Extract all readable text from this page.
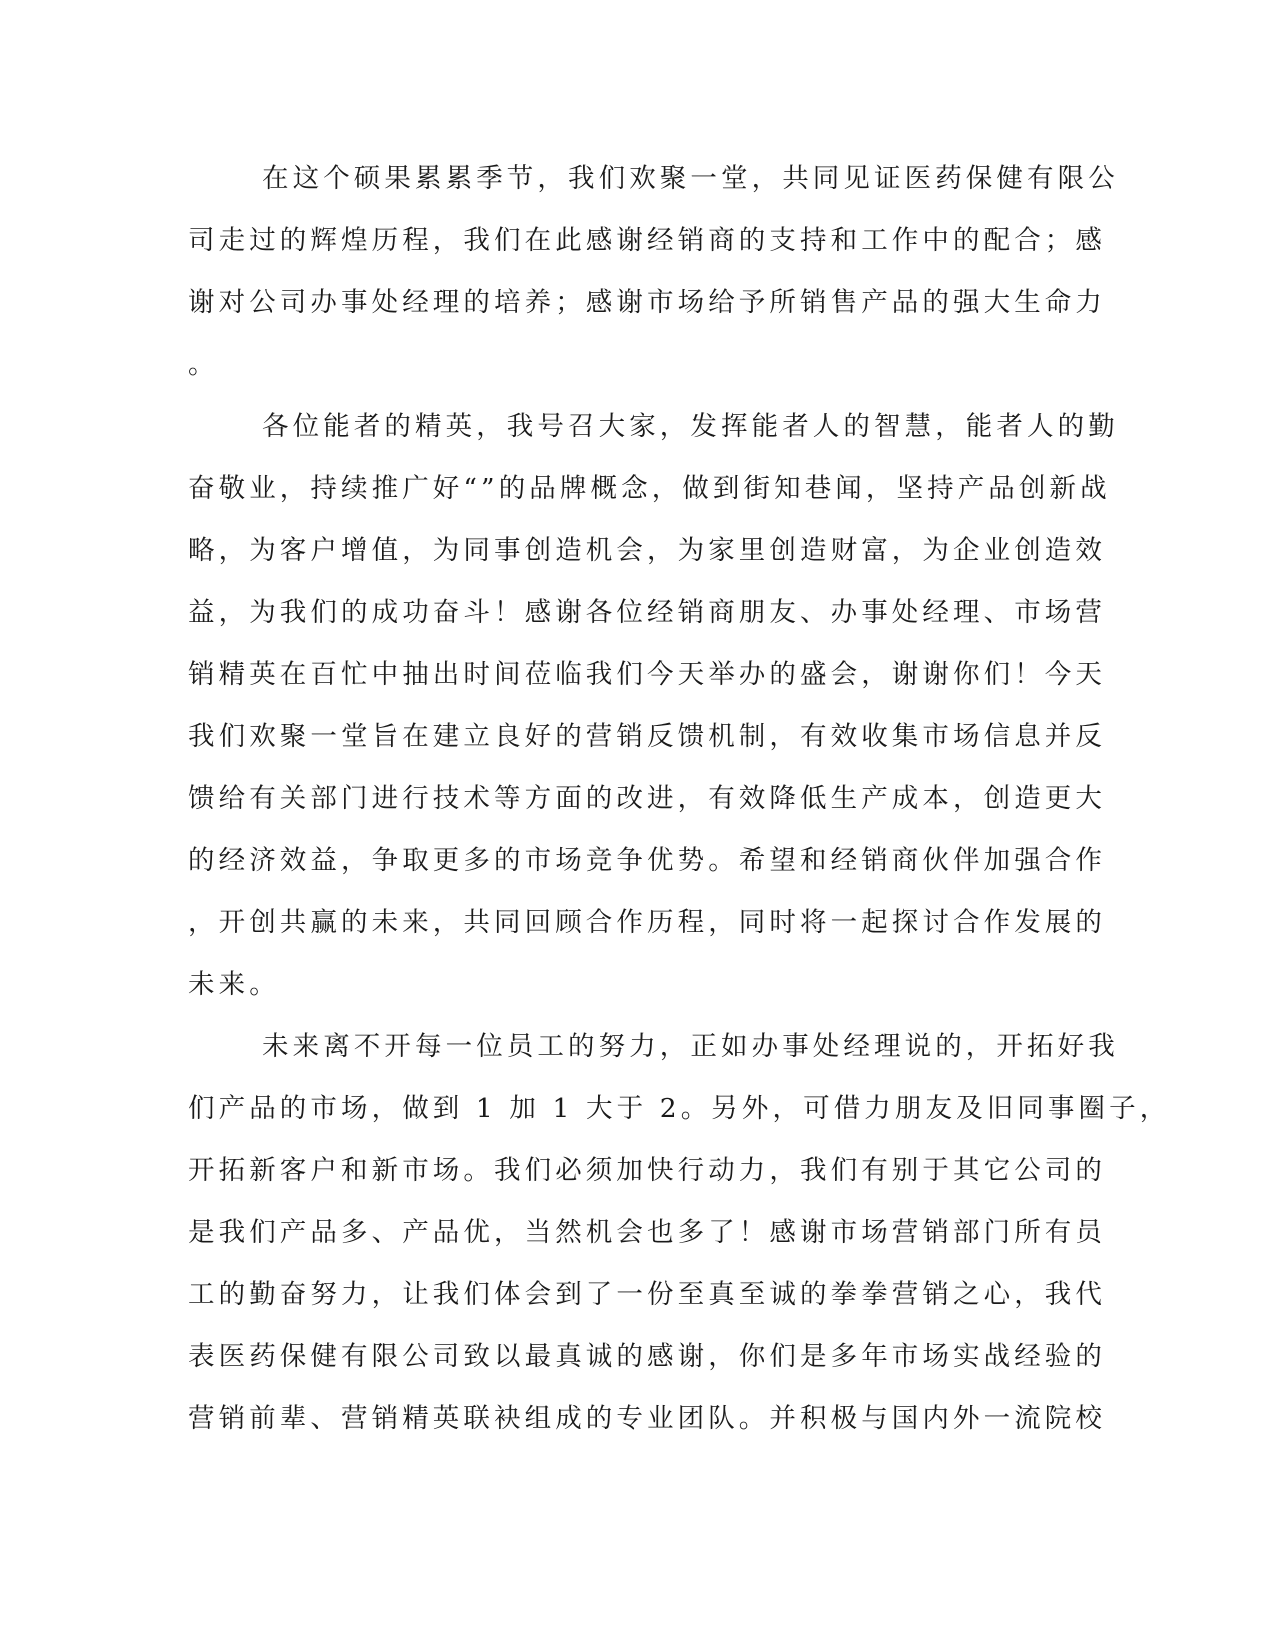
在这个硕果累累季节，我们欢聚一堂，共同见证医药保健有限公
司走过的辉煌历程，我们在此感谢经销商的支持和工作中的配合；感
谢对公司办事处经理的培养；感谢市场给予所销售产品的强大生命力
。
各位能者的精英，我号召大家，发挥能者人的智慧，能者人的勤
奋敬业，持续推广好“”的品牌概念，做到街知巷闻，坚持产品创新战
略，为客户增值，为同事创造机会，为家里创造财富，为企业创造效
益，为我们的成功奋斗！感谢各位经销商朋友、办事处经理、市场营
销精英在百忙中抽出时间莅临我们今天举办的盛会，谢谢你们！今天
我们欢聚一堂旨在建立良好的营销反馈机制，有效收集市场信息并反
馈给有关部门进行技术等方面的改进，有效降低生产成本，创造更大
的经济效益，争取更多的市场竞争优势。希望和经销商伙伴加强合作
，开创共赢的未来，共同回顾合作历程，同时将一起探讨合作发展的
未来。
未来离不开每一位员工的努力，正如办事处经理说的，开拓好我
们产品的市场，做到 1 加 1 大于 2。另外，可借力朋友及旧同事圈子，
开拓新客户和新市场。我们必须加快行动力，我们有别于其它公司的
是我们产品多、产品优，当然机会也多了！感谢市场营销部门所有员
工的勤奋努力，让我们体会到了一份至真至诚的拳拳营销之心，我代
表医药保健有限公司致以最真诚的感谢，你们是多年市场实战经验的
营销前辈、营销精英联袂组成的专业团队。并积极与国内外一流院校
